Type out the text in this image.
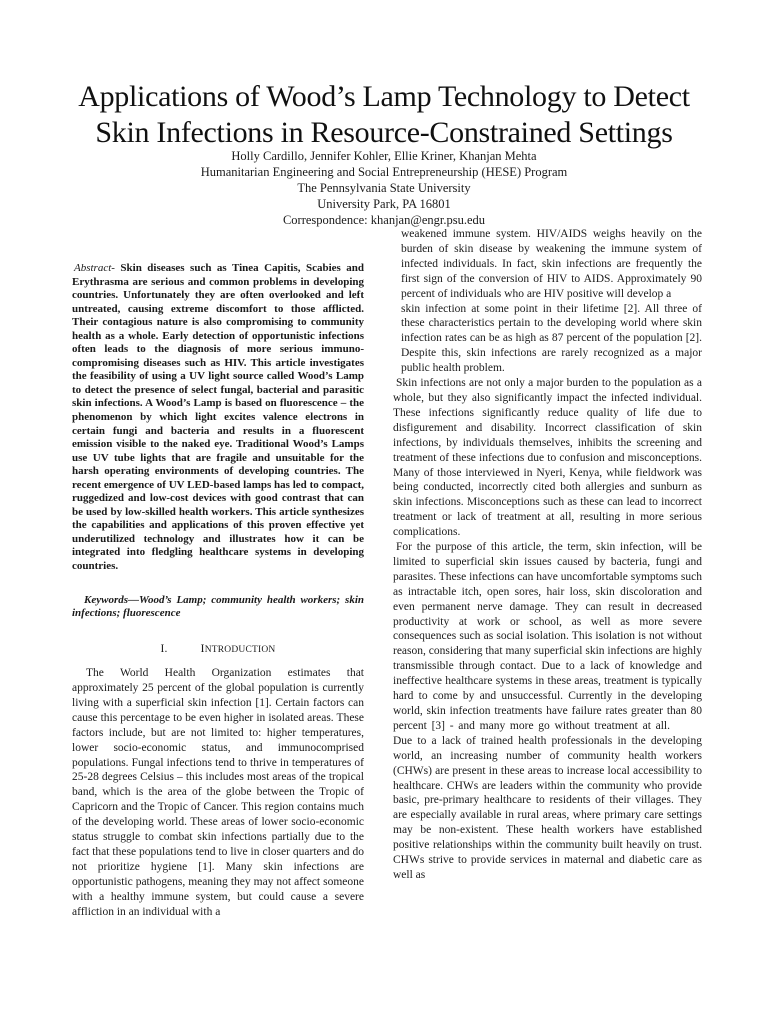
Applications of Wood’s Lamp Technology to Detect
Skin Infections in Resource-Constrained Settings
Holly Cardillo, Jennifer Kohler, Ellie Kriner, Khanjan Mehta
Humanitarian Engineering and Social Entrepreneurship (HESE) Program
The Pennsylvania State University
University Park, PA 16801
Correspondence: khanjan@engr.psu.edu

Abstract- Skin diseases such as Tinea Capitis, Scabies and Erythrasma are serious and common problems in developing countries. Unfortunately they are often overlooked and left untreated, causing extreme discomfort to those afflicted. Their contagious nature is also compromising to community health as a whole. Early detection of opportunistic infections often leads to the diagnosis of more serious immuno-compromising diseases such as HIV. This article investigates the feasibility of using a UV light source called Wood’s Lamp to detect the presence of select fungal, bacterial and parasitic skin infections. A Wood’s Lamp is based on fluorescence – the phenomenon by which light excites valence electrons in certain fungi and bacteria and results in a fluorescent emission visible to the naked eye. Traditional Wood’s Lamps use UV tube lights that are fragile and unsuitable for the harsh operating environments of developing countries. The recent emergence of UV LED-based lamps has led to compact, ruggedized and low-cost devices with good contrast that can be used by low-skilled health workers. This article synthesizes the capabilities and applications of this proven effective yet underutilized technology and illustrates how it can be integrated into fledgling healthcare systems in developing countries.

Keywords—Wood’s Lamp; community health workers; skin infections; fluorescence

I.	INTRODUCTION

The World Health Organization estimates that approximately 25 percent of the global population is currently living with a superficial skin infection [1]. Certain factors can cause this percentage to be even higher in isolated areas. These factors include, but are not limited to: higher temperatures, lower socio-economic status, and immunocomprised populations. Fungal infections tend to thrive in temperatures of 25-28 degrees Celsius – this includes most areas of the tropical band, which is the area of the globe between the Tropic of Capricorn and the Tropic of Cancer. This region contains much of the developing world. These areas of lower socio-economic status struggle to combat skin infections partially due to the fact that these populations tend to live in closer quarters and do not prioritize hygiene [1]. Many skin infections are opportunistic pathogens, meaning they may not affect someone with a healthy immune system, but could cause a severe affliction in an individual with a

weakened immune system. HIV/AIDS weighs heavily on the burden of skin disease by weakening the immune system of infected individuals. In fact, skin infections are frequently the first sign of the conversion of HIV to AIDS. Approximately 90 percent of individuals who are HIV positive will develop a

skin infection at some point in their lifetime [2]. All three of these characteristics pertain to the developing world where skin infection rates can be as high as 87 percent of the population [2]. Despite this, skin infections are rarely recognized as a major public health problem.

Skin infections are not only a major burden to the population as a whole, but they also significantly impact the infected individual. These infections significantly reduce quality of life due to disfigurement and disability. Incorrect classification of skin infections, by individuals themselves, inhibits the screening and treatment of these infections due to confusion and misconceptions. Many of those interviewed in Nyeri, Kenya, while fieldwork was being conducted, incorrectly cited both allergies and sunburn as skin infections. Misconceptions such as these can lead to incorrect treatment or lack of treatment at all, resulting in more serious complications.

For the purpose of this article, the term, skin infection, will be limited to superficial skin issues caused by bacteria, fungi and parasites. These infections can have uncomfortable symptoms such as intractable itch, open sores, hair loss, skin discoloration and even permanent nerve damage. They can result in decreased productivity at work or school, as well as more severe consequences such as social isolation. This isolation is not without reason, considering that many superficial skin infections are highly transmissible through contact. Due to a lack of knowledge and ineffective healthcare systems in these areas, treatment is typically hard to come by and unsuccessful. Currently in the developing world, skin infection treatments have failure rates greater than 80 percent [3] - and many more go without treatment at all.Due to a lack of trained health professionals in the developing world, an increasing number of community health workers (CHWs) are present in these areas to increase local accessibility to healthcare. CHWs are leaders within the community who provide basic, pre-primary healthcare to residents of their villages. They are especially available in rural areas, where primary care settings may be non-existent. These health workers have established positive relationships within the community built heavily on trust. CHWs strive to provide services in maternal and diabetic care as well as
